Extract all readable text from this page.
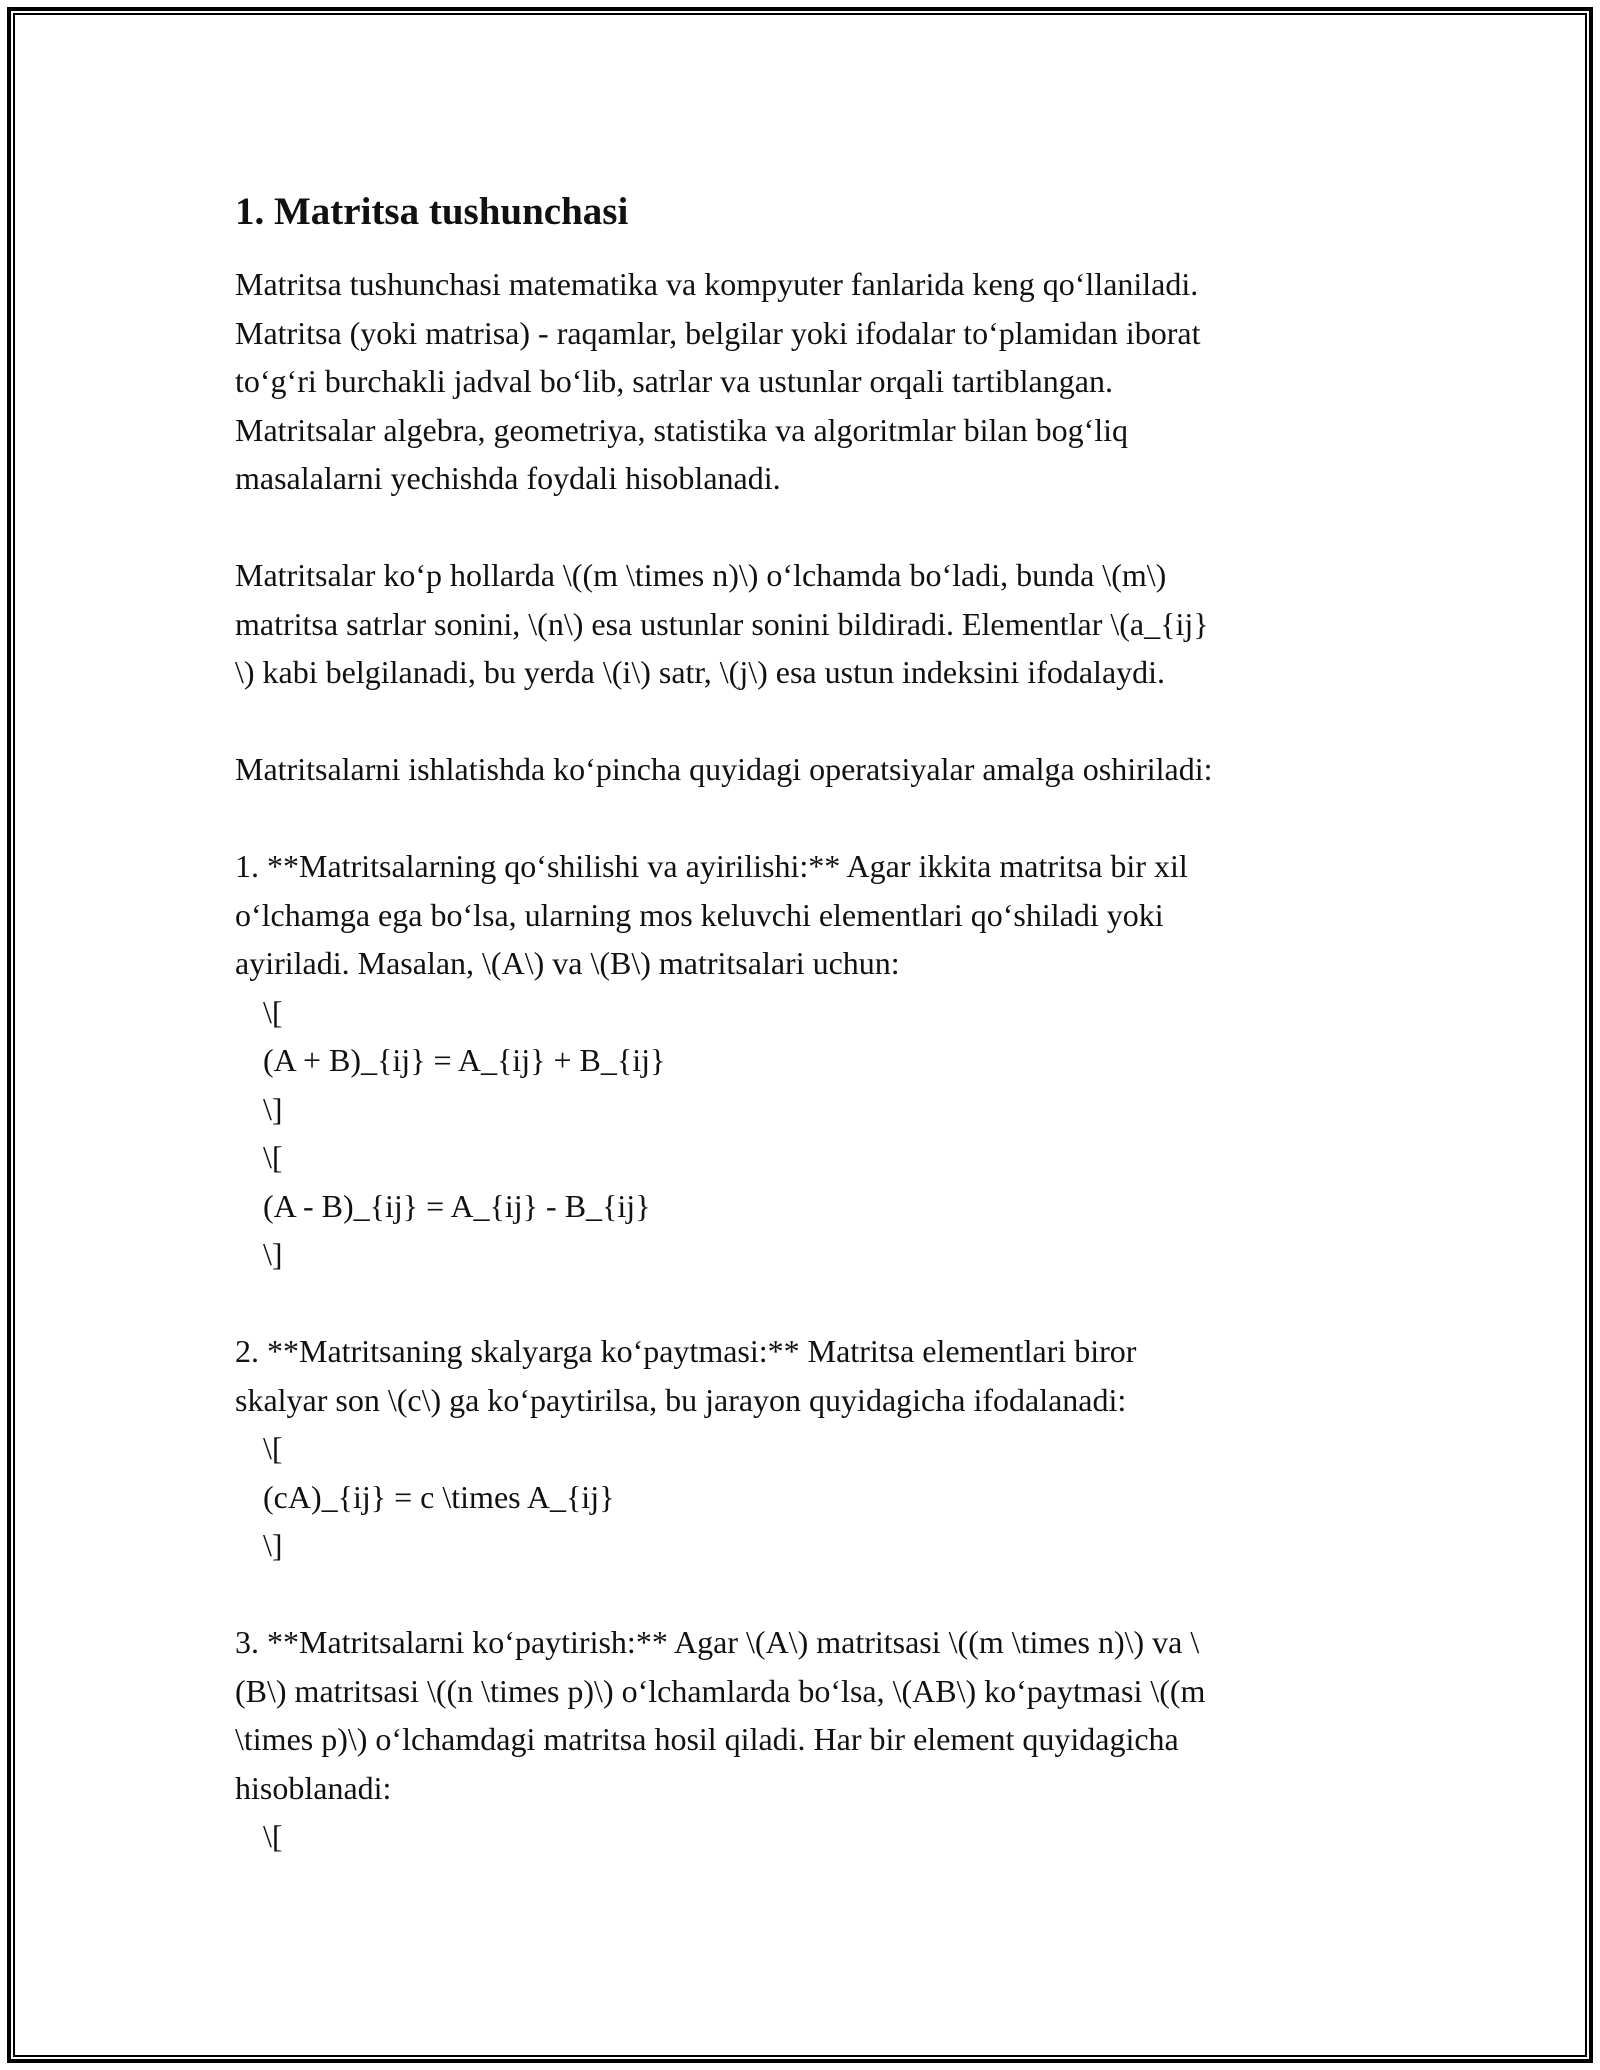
1. Matritsa tushunchasi
Matritsa tushunchasi matematika va kompyuter fanlarida keng qo‘llaniladi.
Matritsa (yoki matrisa) - raqamlar, belgilar yoki ifodalar to‘plamidan iborat
to‘g‘ri burchakli jadval bo‘lib, satrlar va ustunlar orqali tartiblangan.
Matritsalar algebra, geometriya, statistika va algoritmlar bilan bog‘liq
masalalarni yechishda foydali hisoblanadi.
Matritsalar ko‘p hollarda \((m \times n)\) o‘lchamda bo‘ladi, bunda \(m\)
matritsa satrlar sonini, \(n\) esa ustunlar sonini bildiradi. Elementlar \(a_{ij}
\) kabi belgilanadi, bu yerda \(i\) satr, \(j\) esa ustun indeksini ifodalaydi.
Matritsalarni ishlatishda ko‘pincha quyidagi operatsiyalar amalga oshiriladi:
1. **Matritsalarning qo‘shilishi va ayirilishi:** Agar ikkita matritsa bir xil
o‘lchamga ega bo‘lsa, ularning mos keluvchi elementlari qo‘shiladi yoki
ayiriladi. Masalan, \(A\) va \(B\) matritsalari uchun:
\[
(A + B)_{ij} = A_{ij} + B_{ij}
\]
\[
(A - B)_{ij} = A_{ij} - B_{ij}
\]
2. **Matritsaning skalyarga ko‘paytmasi:** Matritsa elementlari biror
skalyar son \(c\) ga ko‘paytirilsa, bu jarayon quyidagicha ifodalanadi:
\[
(cA)_{ij} = c \times A_{ij}
\]
3. **Matritsalarni ko‘paytirish:** Agar \(A\) matritsasi \((m \times n)\) va \
(B\) matritsasi \((n \times p)\) o‘lchamlarda bo‘lsa, \(AB\) ko‘paytmasi \((m
\times p)\) o‘lchamdagi matritsa hosil qiladi. Har bir element quyidagicha
hisoblanadi:
\[
